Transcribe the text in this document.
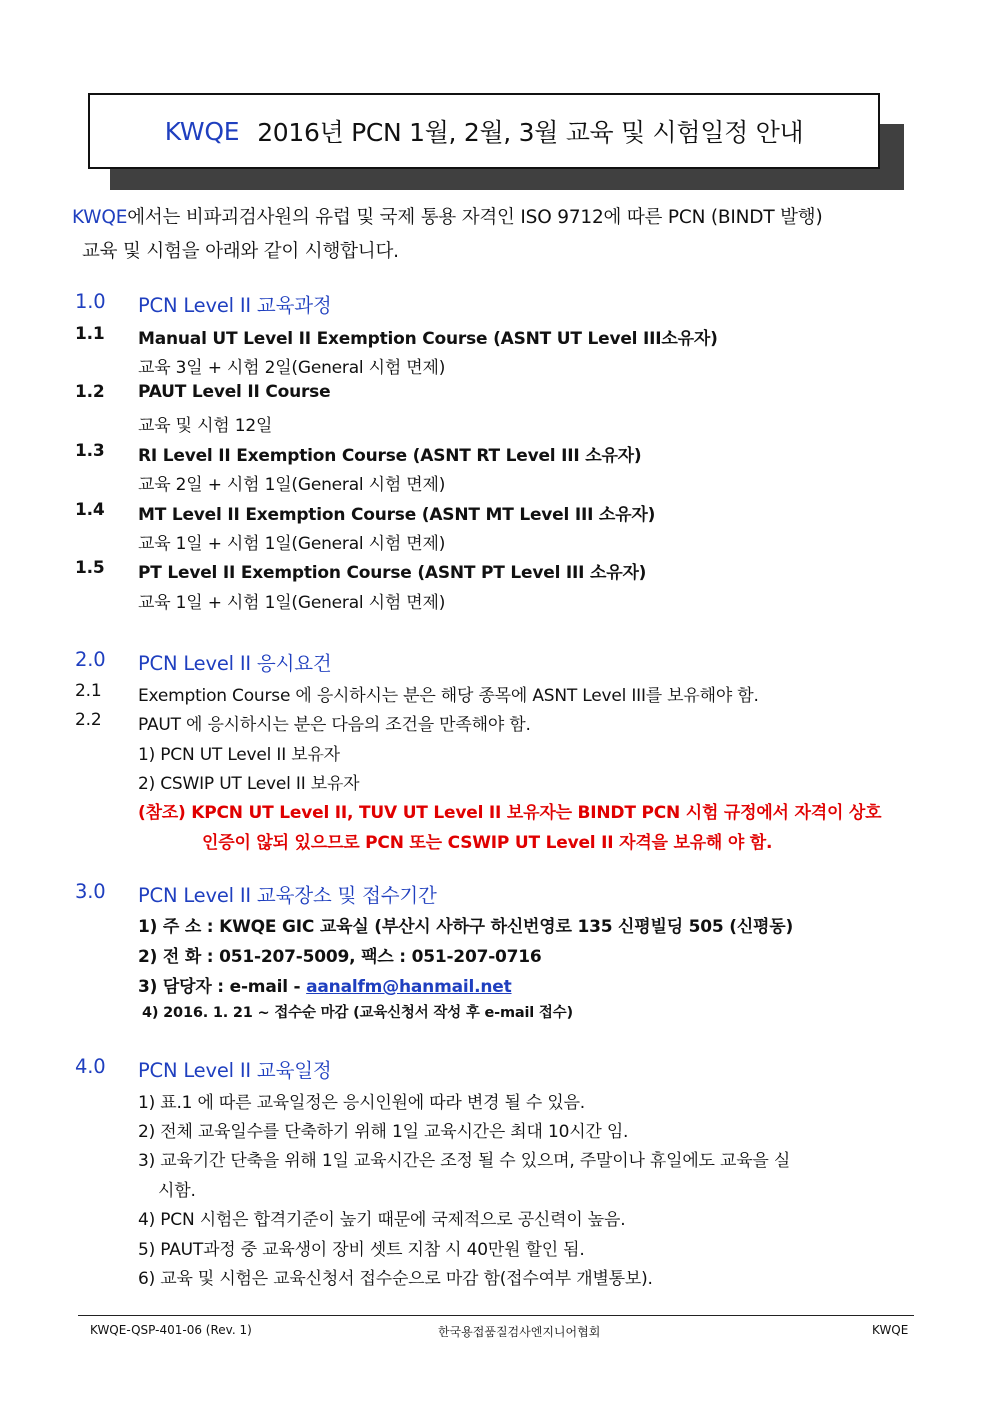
KWQE 2016년 PCN 1월, 2월, 3월 교육 및 시험일정 안내
KWQE에서는 비파괴검사원의 유럽 및 국제 통용 자격인 ISO 9712에 따른 PCN (BINDT 발행)
교육 및 시험을 아래와 같이 시행합니다.
1.0 PCN Level II 교육과정
1.1 Manual UT Level II Exemption Course (ASNT UT Level III소유자)
교육 3일 + 시험 2일(General 시험 면제)
1.2 PAUT Level II Course
교육 및 시험 12일
1.3 RI Level II Exemption Course (ASNT RT Level III 소유자)
교육 2일 + 시험 1일(General 시험 면제)
1.4 MT Level II Exemption Course (ASNT MT Level III 소유자)
교육 1일 + 시험 1일(General 시험 면제)
1.5 PT Level II Exemption Course (ASNT PT Level III 소유자)
교육 1일 + 시험 1일(General 시험 면제)
2.0 PCN Level II 응시요건
2.1 Exemption Course 에 응시하시는 분은 해당 종목에 ASNT Level III를 보유해야 함.
2.2 PAUT 에 응시하시는 분은 다음의 조건을 만족해야 함.
1) PCN UT Level II 보유자
2) CSWIP UT Level II 보유자
(참조) KPCN UT Level II, TUV UT Level II 보유자는 BINDT PCN 시험 규정에서 자격이 상호
인증이 않되 있으므로 PCN 또는 CSWIP UT Level II 자격을 보유해 야 함.
3.0 PCN Level II 교육장소 및 접수기간
1) 주 소 : KWQE GIC 교육실 (부산시 사하구 하신번영로 135 신평빌딩 505 (신평동)
2) 전 화 : 051-207-5009, 팩스 : 051-207-0716
3) 담당자 : e-mail - aanalfm@hanmail.net
4) 2016. 1. 21 ~ 접수순 마감 (교육신청서 작성 후 e-mail 접수)
4.0 PCN Level II 교육일정
1) 표.1 에 따른 교육일정은 응시인원에 따라 변경 될 수 있음.
2) 전체 교육일수를 단축하기 위해 1일 교육시간은 최대 10시간 임.
3) 교육기간 단축을 위해 1일 교육시간은 조정 될 수 있으며, 주말이나 휴일에도 교육을 실
시함.
4) PCN 시험은 합격기준이 높기 때문에 국제적으로 공신력이 높음.
5) PAUT과정 중 교육생이 장비 셋트 지참 시 40만원 할인 됨.
6) 교육 및 시험은 교육신청서 접수순으로 마감 함(접수여부 개별통보).
KWQE-QSP-401-06 (Rev. 1)	한국용접품질검사엔지니어협회	KWQE
